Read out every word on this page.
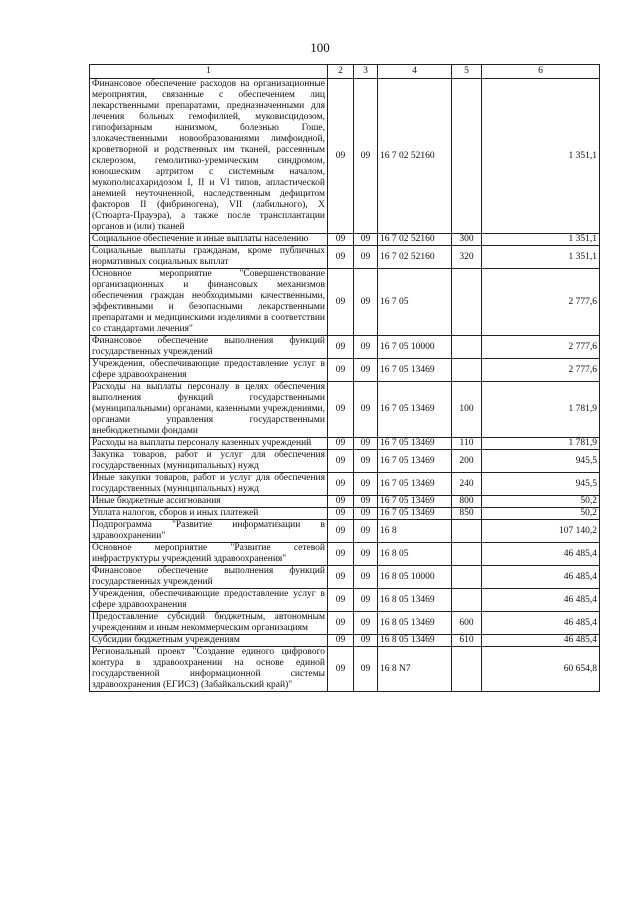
100
1	2	3	4	5	6
Финансовое обеспечение расходов на организационные мероприятия, связанные с обеспечением лиц лекарственными препаратами, предназначенными для лечения больных гемофилией, муковисцидозом, гипофизарным нанизмом, болезнью Гоше, злокачественными новообразованиями лимфоидной, кроветворной и родственных им тканей, рассеянным склерозом, гемолитико-уремическим синдромом, юношеским артритом с системным началом, мукополисахаридозом I, II и VI типов, апластической анемией неуточненной, наследственным дефицитом факторов II (фибриногена), VII (лабильного), X (Стюарта-Прауэра), а также после трансплантации органов и (или) тканей	09	09	16 7 02 52160		1 351,1
Социальное обеспечение и иные выплаты населению	09	09	16 7 02 52160	300	1 351,1
Социальные выплаты гражданам, кроме публичных нормативных социальных выплат	09	09	16 7 02 52160	320	1 351,1
Основное мероприятие "Совершенствование организационных и финансовых механизмов обеспечения граждан необходимыми качественными, эффективными и безопасными лекарственными препаратами и медицинскими изделиями в соответствии со стандартами лечения"	09	09	16 7 05		2 777,6
Финансовое обеспечение выполнения функций государственных учреждений	09	09	16 7 05 10000		2 777,6
Учреждения, обеспечивающие предоставление услуг в сфере здравоохранения	09	09	16 7 05 13469		2 777,6
Расходы на выплаты персоналу в целях обеспечения выполнения функций государственными (муниципальными) органами, казенными учреждениями, органами управления государственными внебюджетными фондами	09	09	16 7 05 13469	100	1 781,9
Расходы на выплаты персоналу казенных учреждений	09	09	16 7 05 13469	110	1 781,9
Закупка товаров, работ и услуг для обеспечения государственных (муниципальных) нужд	09	09	16 7 05 13469	200	945,5
Иные закупки товаров, работ и услуг для обеспечения государственных (муниципальных) нужд	09	09	16 7 05 13469	240	945,5
Иные бюджетные ассигнования	09	09	16 7 05 13469	800	50,2
Уплата налогов, сборов и иных платежей	09	09	16 7 05 13469	850	50,2
Подпрограмма "Развитие информатизации в здравоохранении"	09	09	16 8		107 140,2
Основное мероприятие "Развитие сетевой инфраструктуры учреждений здравоохранения"	09	09	16 8 05		46 485,4
Финансовое обеспечение выполнения функций государственных учреждений	09	09	16 8 05 10000		46 485,4
Учреждения, обеспечивающие предоставление услуг в сфере здравоохранения	09	09	16 8 05 13469		46 485,4
Предоставление субсидий бюджетным, автономным учреждениям и иным некоммерческим организациям	09	09	16 8 05 13469	600	46 485,4
Субсидии бюджетным учреждениям	09	09	16 8 05 13469	610	46 485,4
Региональный проект "Создание единого цифрового контура в здравоохранении на основе единой государственной информационной системы здравоохранения (ЕГИСЗ) (Забайкальский край)"	09	09	16 8 N7		60 654,8
